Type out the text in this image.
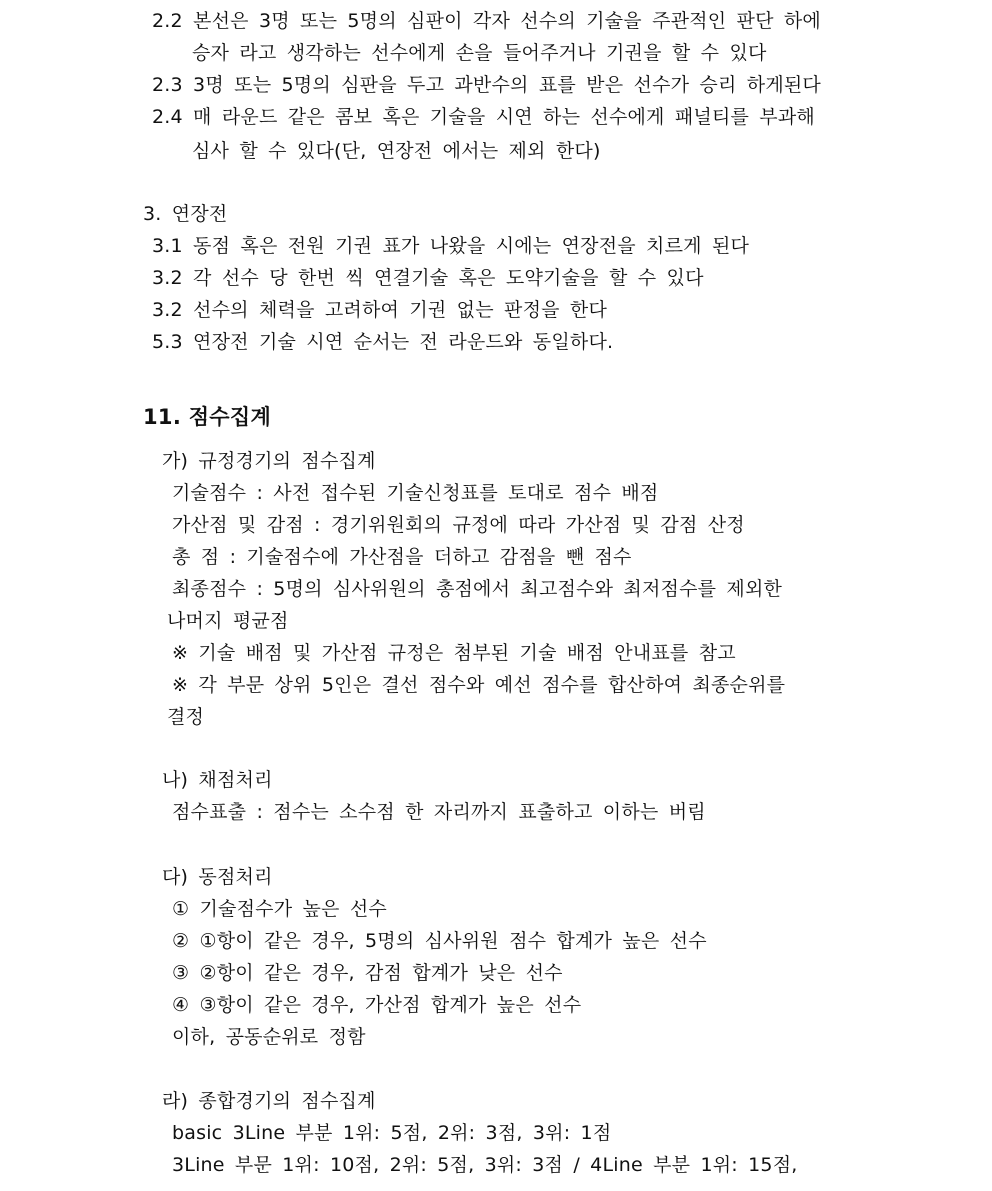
2.2 본선은 3명 또는 5명의 심판이 각자 선수의 기술을 주관적인 판단 하에
승자 라고 생각하는 선수에게 손을 들어주거나 기권을 할 수 있다
2.3 3명 또는 5명의 심판을 두고 과반수의 표를 받은 선수가 승리 하게된다
2.4 매 라운드 같은 콤보 혹은 기술을 시연 하는 선수에게 패널티를 부과해
심사 할 수 있다(단, 연장전 에서는 제외 한다)
3. 연장전
3.1 동점 혹은 전원 기권 표가 나왔을 시에는 연장전을 치르게 된다
3.2 각 선수 당 한번 씩 연결기술 혹은 도약기술을 할 수 있다
3.2 선수의 체력을 고려하여 기권 없는 판정을 한다
5.3 연장전 기술 시연 순서는 전 라운드와 동일하다.
11. 점수집계
가) 규정경기의 점수집계
기술점수 : 사전 접수된 기술신청표를 토대로 점수 배점
가산점 및 감점 : 경기위원회의 규정에 따라 가산점 및 감점 산정
총 점 : 기술점수에 가산점을 더하고 감점을 뺀 점수
최종점수 : 5명의 심사위원의 총점에서 최고점수와 최저점수를 제외한
나머지 평균점
※ 기술 배점 및 가산점 규정은 첨부된 기술 배점 안내표를 참고
※ 각 부문 상위 5인은 결선 점수와 예선 점수를 합산하여 최종순위를
결정
나) 채점처리
점수표출 : 점수는 소수점 한 자리까지 표출하고 이하는 버림
다) 동점처리
① 기술점수가 높은 선수
② ①항이 같은 경우, 5명의 심사위원 점수 합계가 높은 선수
③ ②항이 같은 경우, 감점 합계가 낮은 선수
④ ③항이 같은 경우, 가산점 합계가 높은 선수
이하, 공동순위로 정함
라) 종합경기의 점수집계
basic 3Line 부분 1위: 5점, 2위: 3점, 3위: 1점
3Line 부문 1위: 10점, 2위: 5점, 3위: 3점 / 4Line 부분 1위: 15점,
